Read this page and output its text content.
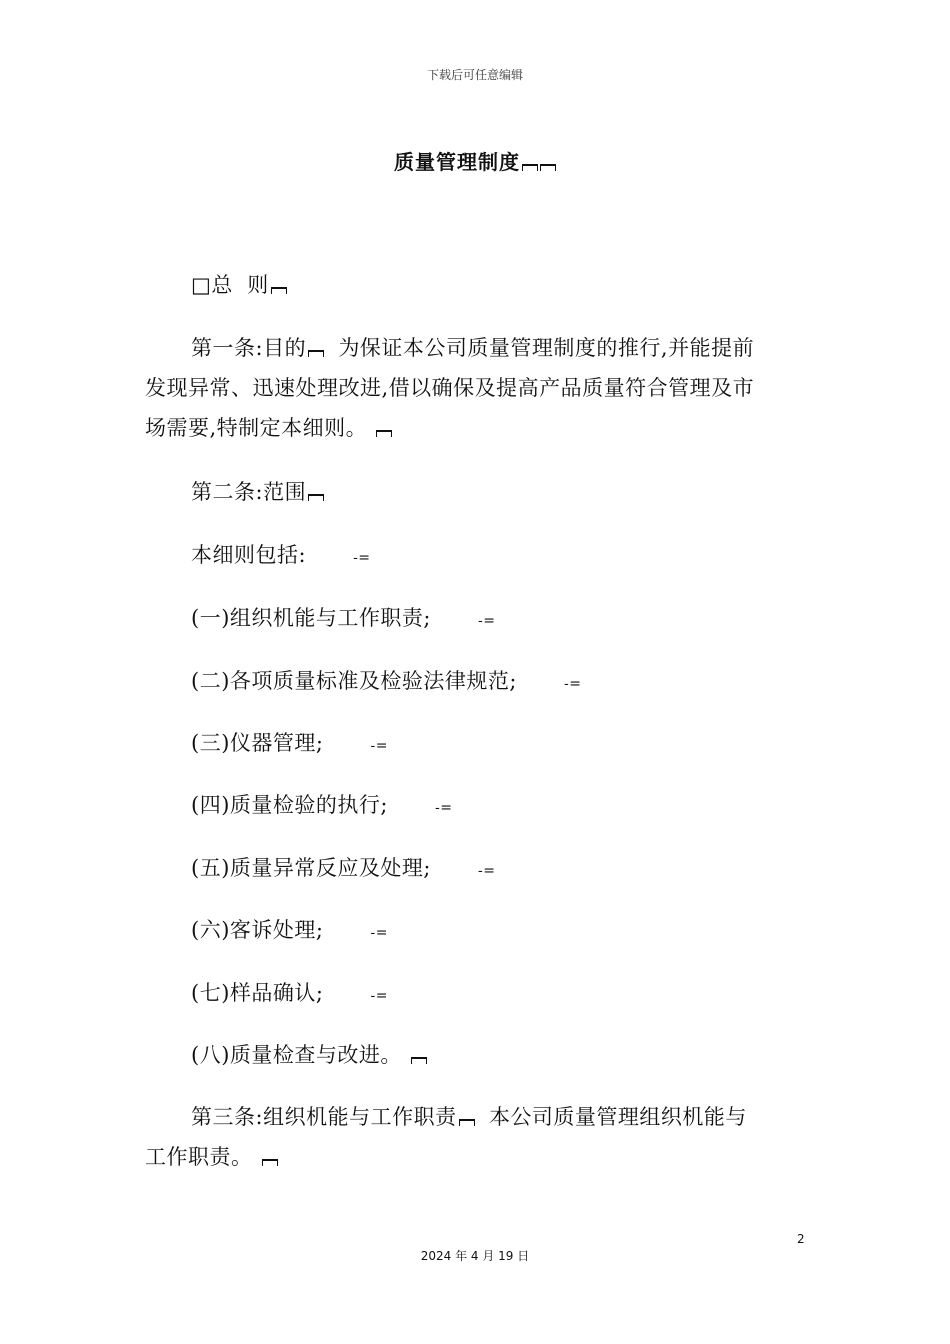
下载后可任意编辑
质量管理制度
□总  则
第一条:目的 为保证本公司质量管理制度的推行,并能提前
发现异常、迅速处理改进,借以确保及提高产品质量符合管理及市
场需要,特制定本细则。
第二条:范围
本细则包括:	-=
(一)组织机能与工作职责;	-=
(二)各项质量标准及检验法律规范;	-=
(三)仪器管理;	-=
(四)质量检验的执行;	-=
(五)质量异常反应及处理;	-=
(六)客诉处理;	-=
(七)样品确认;	-=
(八)质量检查与改进。
第三条:组织机能与工作职责 本公司质量管理组织机能与
工作职责。
2
2024 年 4 月 19 日
